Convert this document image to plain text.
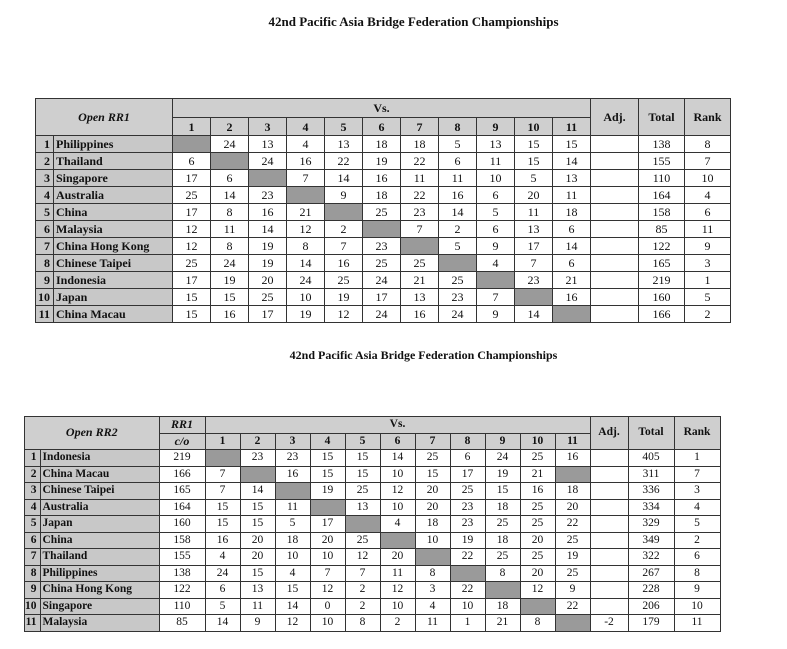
42nd Pacific Asia Bridge Federation Championships
Open RR1		Vs.											Adj.	Total	Rank
		1	2	3	4	5	6	7	8	9	10	11			
1	Philippines		24	13	4	13	18	18	5	13	15	15		138	8
2	Thailand	6		24	16	22	19	22	6	11	15	14		155	7
3	Singapore	17	6		7	14	16	11	11	10	5	13		110	10
4	Australia	25	14	23		9	18	22	16	6	20	11		164	4
5	China	17	8	16	21		25	23	14	5	11	18		158	6
6	Malaysia	12	11	14	12	2		7	2	6	13	6		85	11
7	China Hong Kong	12	8	19	8	7	23		5	9	17	14		122	9
8	Chinese Taipei	25	24	19	14	16	25	25		4	7	6		165	3
9	Indonesia	17	19	20	24	25	24	21	25		23	21		219	1
10	Japan	15	15	25	10	19	17	13	23	7		16		160	5
11	China Macau	15	16	17	19	12	24	16	24	9	14			166	2
42nd Pacific Asia Bridge Federation Championships
Open RR2		RR1	Vs.											Adj.	Total	Rank
		c/o	1	2	3	4	5	6	7	8	9	10	11			
1	Indonesia	219		23	23	15	15	14	25	6	24	25	16		405	1
2	China Macau	166	7		16	15	15	10	15	17	19	21			311	7
3	Chinese Taipei	165	7	14		19	25	12	20	25	15	16	18		336	3
4	Australia	164	15	15	11		13	10	20	23	18	25	20		334	4
5	Japan	160	15	15	5	17		4	18	23	25	25	22		329	5
6	China	158	16	20	18	20	25		10	19	18	20	25		349	2
7	Thailand	155	4	20	10	10	12	20		22	25	25	19		322	6
8	Philippines	138	24	15	4	7	7	11	8		8	20	25		267	8
9	China Hong Kong	122	6	13	15	12	2	12	3	22		12	9		228	9
10	Singapore	110	5	11	14	0	2	10	4	10	18		22		206	10
11	Malaysia	85	14	9	12	10	8	2	11	1	21	8		-2	179	11
